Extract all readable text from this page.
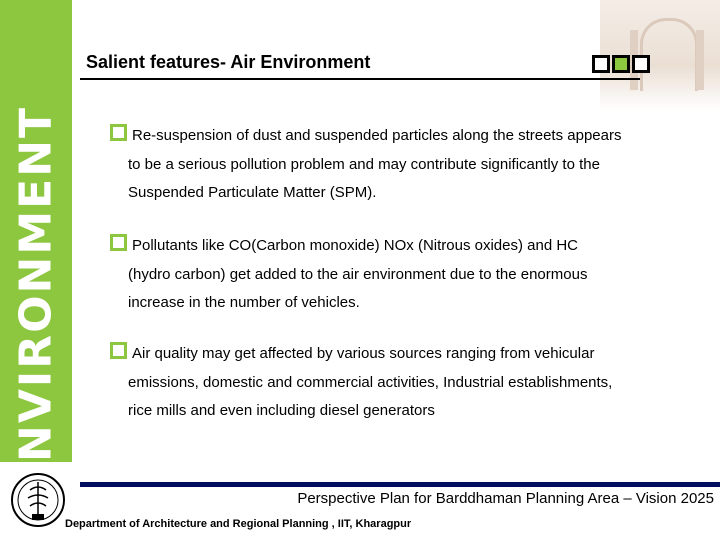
ENVIRONMENT
Salient features- Air Environment
Re-suspension of dust and suspended particles along the streets appears
to be a serious pollution problem and may contribute significantly to the
Suspended Particulate Matter (SPM).
Pollutants like CO(Carbon monoxide) NOx (Nitrous oxides) and HC
(hydro carbon) get added to the air environment due to the enormous
increase in the number of vehicles.
Air quality may get affected by various sources ranging from vehicular
emissions, domestic and commercial activities, Industrial establishments,
rice mills and even including diesel generators
Perspective Plan for Barddhaman Planning Area – Vision 2025
Department of Architecture and Regional Planning , IIT, Kharagpur
